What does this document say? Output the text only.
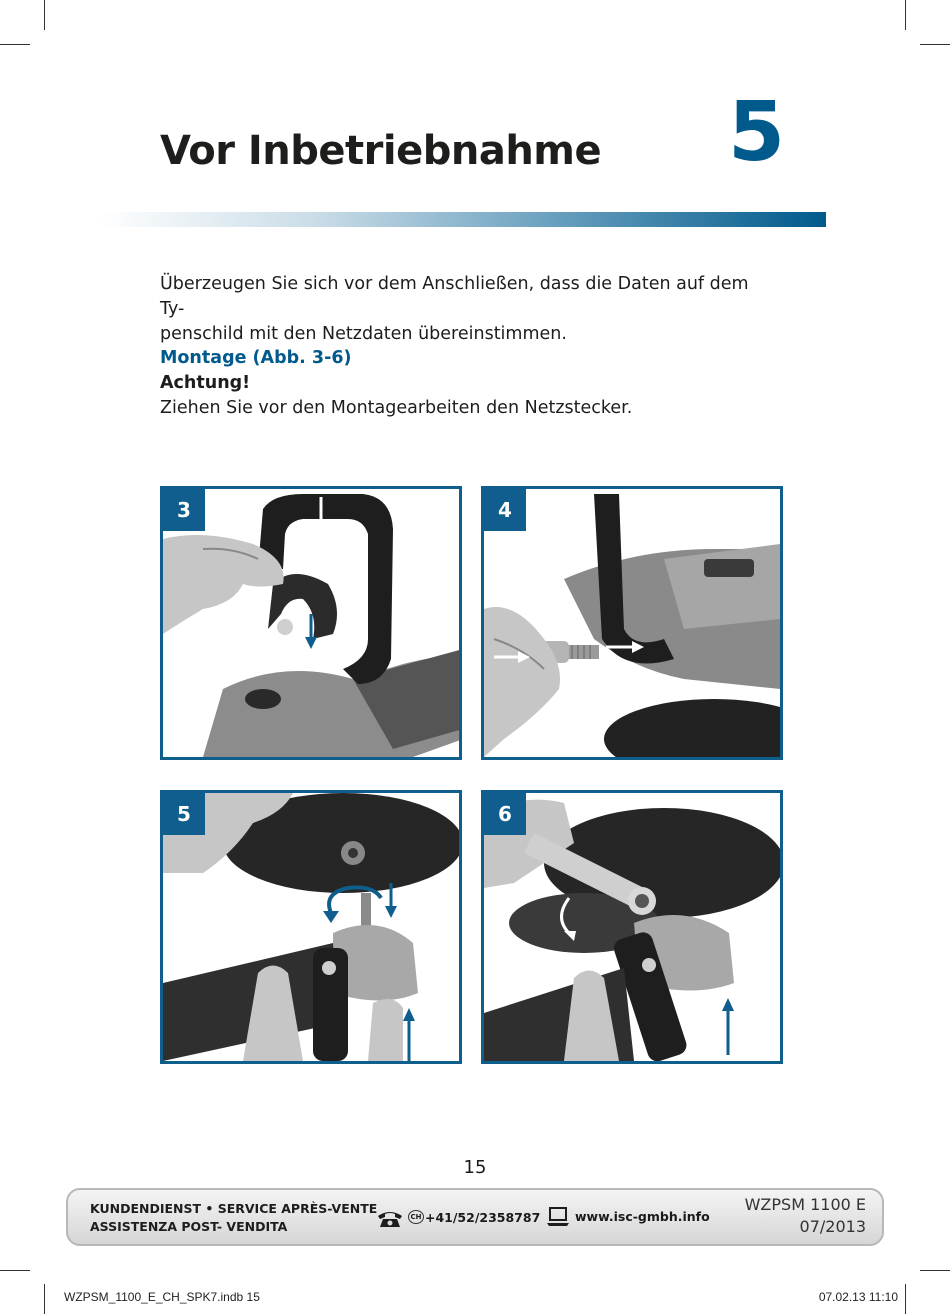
Vor Inbetriebnahme 5

Überzeugen Sie sich vor dem Anschließen, dass die Daten auf dem Ty-
penschild mit den Netzdaten übereinstimmen.

Montage (Abb. 3-6)
Achtung!
Ziehen Sie vor den Montagearbeiten den Netzstecker.

3	4
5	6
15
KUNDENDIENST • SERVICE APRÈS-VENTE
ASSISTENZA POST- VENDITA
CH +41/52/2358787	www.isc-gmbh.info
WZPSM 1100 E
07/2013
WZPSM_1100_E_CH_SPK7.indb 15	07.02.13 11:10
